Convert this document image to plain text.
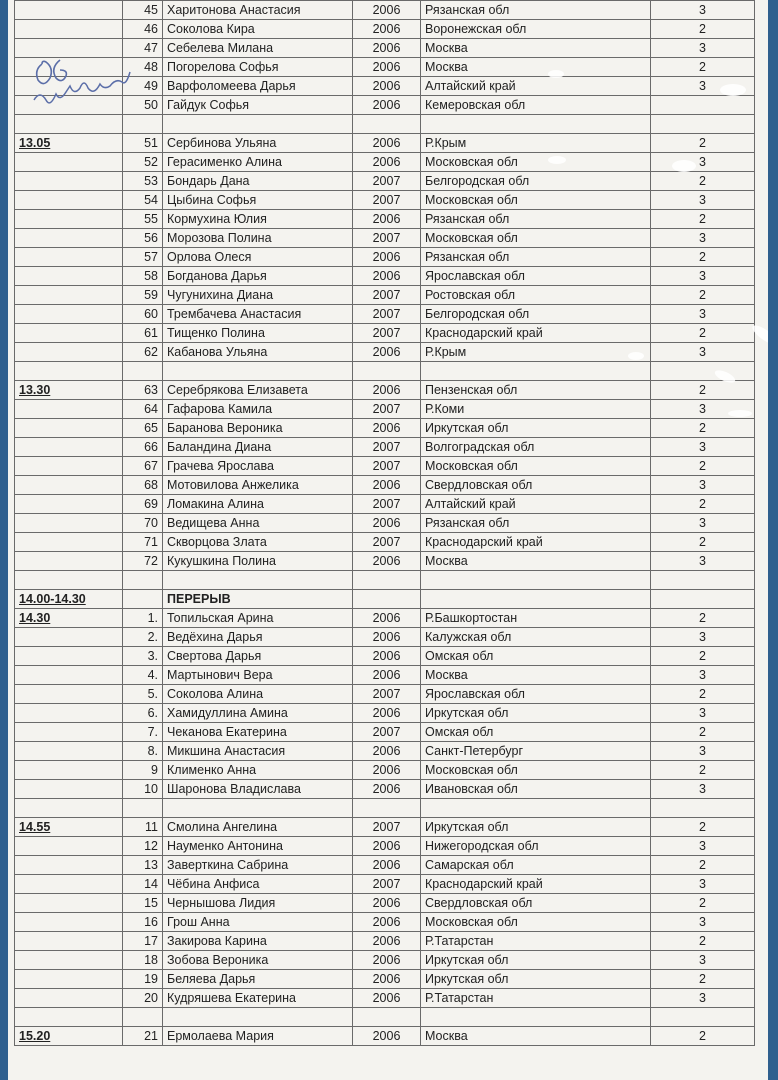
	45	Харитонова Анастасия	2006	Рязанская обл	3
	46	Соколова Кира	2006	Воронежская обл	2
	47	Себелева Милана	2006	Москва	3
	48	Погорелова Софья	2006	Москва	2
	49	Варфоломеева Дарья	2006	Алтайский край	3
	50	Гайдук Софья	2006	Кемеровская обл	

13.05	51	Сербинова Ульяна	2006	Р.Крым	2
	52	Герасименко Алина	2006	Московская обл	3
	53	Бондарь Дана	2007	Белгородская обл	2
	54	Цыбина Софья	2007	Московская обл	3
	55	Кормухина Юлия	2006	Рязанская обл	2
	56	Морозова Полина	2007	Московская обл	3
	57	Орлова Олеся	2006	Рязанская обл	2
	58	Богданова Дарья	2006	Ярославская обл	3
	59	Чугунихина Диана	2007	Ростовская обл	2
	60	Трембачева Анастасия	2007	Белгородская обл	3
	61	Тищенко Полина	2007	Краснодарский край	2
	62	Кабанова Ульяна	2006	Р.Крым	3

13.30	63	Серебрякова Елизавета	2006	Пензенская обл	2
	64	Гафарова Камила	2007	Р.Коми	3
	65	Баранова Вероника	2006	Иркутская обл	2
	66	Баландина Диана	2007	Волгоградская обл	3
	67	Грачева Ярослава	2007	Московская обл	2
	68	Мотовилова Анжелика	2006	Свердловская обл	3
	69	Ломакина Алина	2007	Алтайский край	2
	70	Ведищева Анна	2006	Рязанская обл	3
	71	Скворцова Злата	2007	Краснодарский край	2
	72	Кукушкина Полина	2006	Москва	3

14.00-14.30		ПЕРЕРЫВ			
14.30	1.	Топильская Арина	2006	Р.Башкортостан	2
	2.	Ведёхина Дарья	2006	Калужская обл	3
	3.	Свертова Дарья	2006	Омская обл	2
	4.	Мартынович Вера	2006	Москва	3
	5.	Соколова Алина	2007	Ярославская обл	2
	6.	Хамидуллина Амина	2006	Иркутская обл	3
	7.	Чеканова Екатерина	2007	Омская обл	2
	8.	Микшина Анастасия	2006	Санкт-Петербург	3
	9	Клименко Анна	2006	Московская обл	2
	10	Шаронова Владислава	2006	Ивановская обл	3

14.55	11	Смолина Ангелина	2007	Иркутская обл	2
	12	Науменко Антонина	2006	Нижегородская обл	3
	13	Заверткина Сабрина	2006	Самарская обл	2
	14	Чёбина Анфиса	2007	Краснодарский край	3
	15	Чернышова Лидия	2006	Свердловская обл	2
	16	Грош Анна	2006	Московская обл	3
	17	Закирова Карина	2006	Р.Татарстан	2
	18	Зобова Вероника	2006	Иркутская обл	3
	19	Беляева Дарья	2006	Иркутская обл	2
	20	Кудряшева Екатерина	2006	Р.Татарстан	3

15.20	21	Ермолаева Мария	2006	Москва	2
